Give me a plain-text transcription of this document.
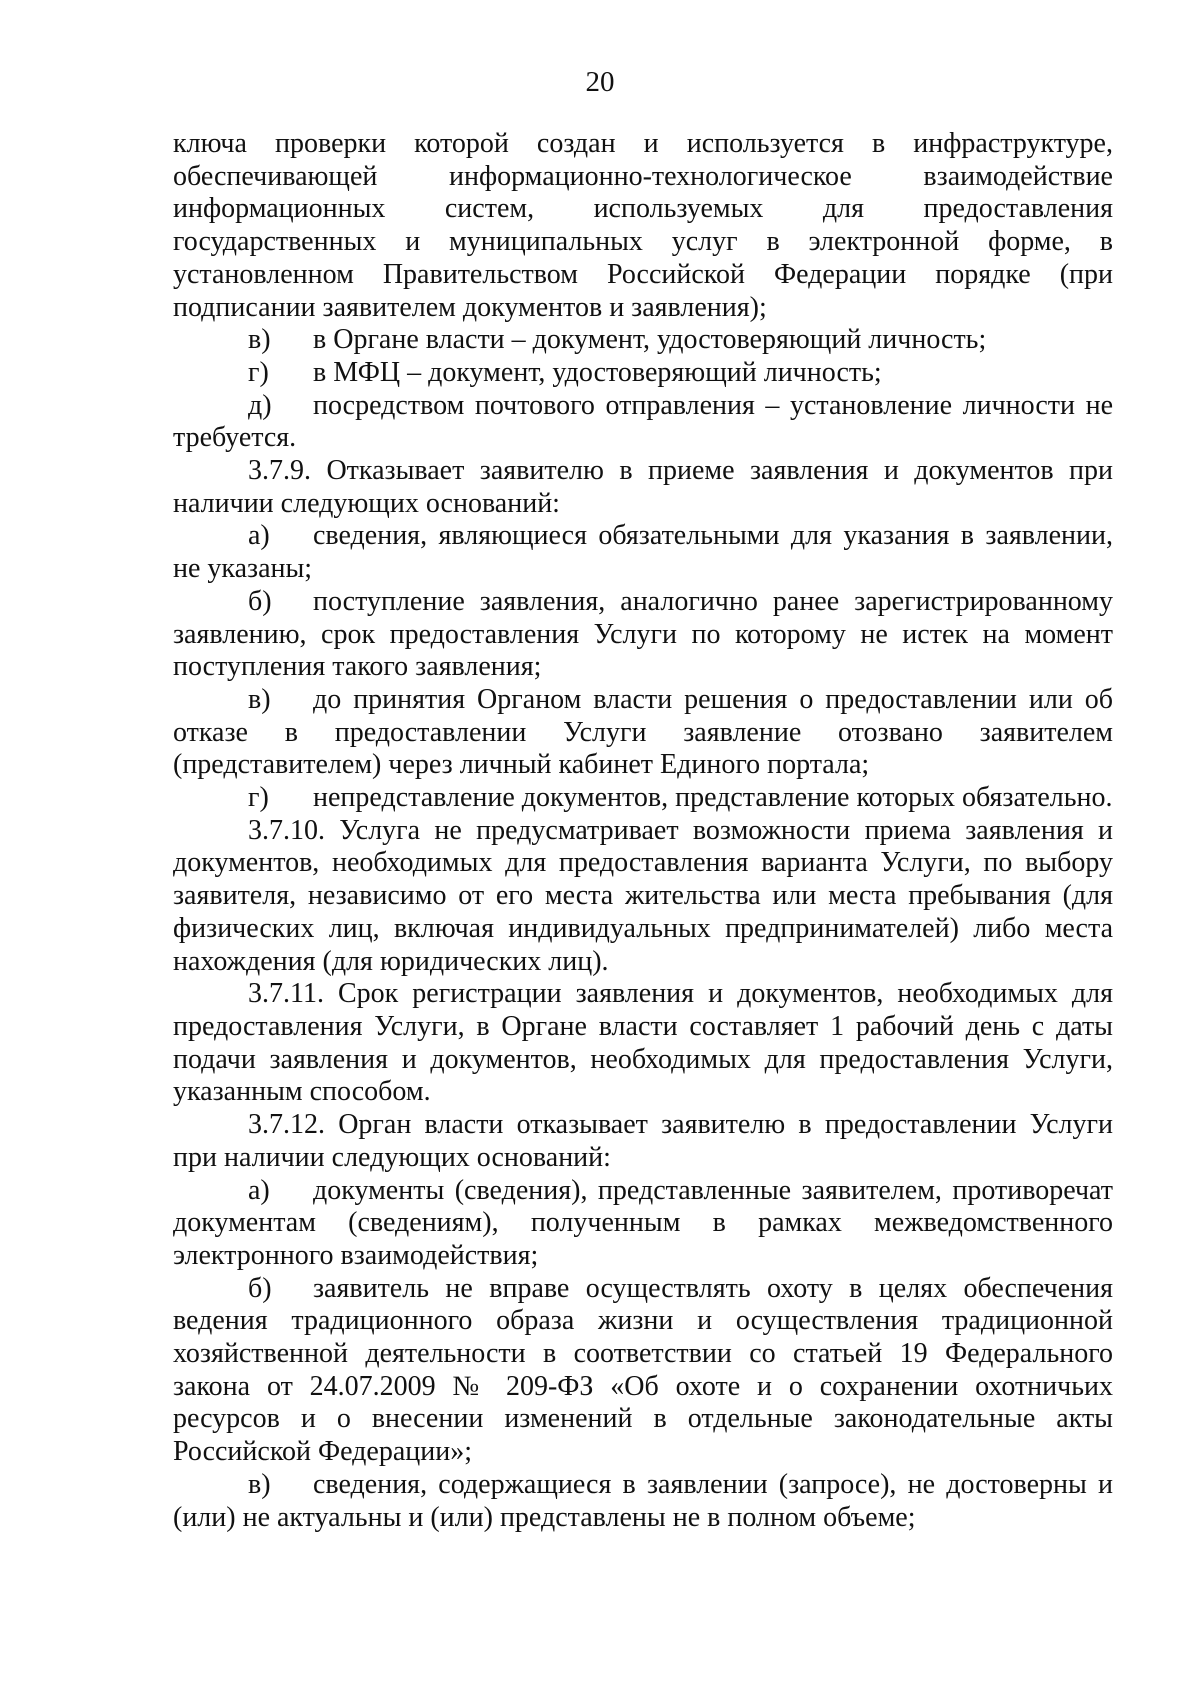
20

ключа проверки которой создан и используется в инфраструктуре, обеспечивающей информационно-технологическое взаимодействие информационных систем, используемых для предоставления государственных и муниципальных услуг в электронной форме, в установленном Правительством Российской Федерации порядке (при подписании заявителем документов и заявления);

в) в Органе власти – документ, удостоверяющий личность;

г) в МФЦ – документ, удостоверяющий личность;

д) посредством почтового отправления – установление личности не требуется.

3.7.9. Отказывает заявителю в приеме заявления и документов при наличии следующих оснований:

а) сведения, являющиеся обязательными для указания в заявлении, не указаны;

б) поступление заявления, аналогично ранее зарегистрированному заявлению, срок предоставления Услуги по которому не истек на момент поступления такого заявления;

в) до принятия Органом власти решения о предоставлении или об отказе в предоставлении Услуги заявление отозвано заявителем (представителем) через личный кабинет Единого портала;

г) непредставление документов, представление которых обязательно.

3.7.10. Услуга не предусматривает возможности приема заявления и документов, необходимых для предоставления варианта Услуги, по выбору заявителя, независимо от его места жительства или места пребывания (для физических лиц, включая индивидуальных предпринимателей) либо места нахождения (для юридических лиц).

3.7.11. Срок регистрации заявления и документов, необходимых для предоставления Услуги, в Органе власти составляет 1 рабочий день с даты подачи заявления и документов, необходимых для предоставления Услуги, указанным способом.

3.7.12. Орган власти отказывает заявителю в предоставлении Услуги при наличии следующих оснований:

а) документы (сведения), представленные заявителем, противоречат документам (сведениям), полученным в рамках межведомственного электронного взаимодействия;

б) заявитель не вправе осуществлять охоту в целях обеспечения ведения традиционного образа жизни и осуществления традиционной хозяйственной деятельности в соответствии со статьей 19 Федерального закона от 24.07.2009 № 209-ФЗ «Об охоте и о сохранении охотничьих ресурсов и о внесении изменений в отдельные законодательные акты Российской Федерации»;

в) сведения, содержащиеся в заявлении (запросе), не достоверны и (или) не актуальны и (или) представлены не в полном объеме;
